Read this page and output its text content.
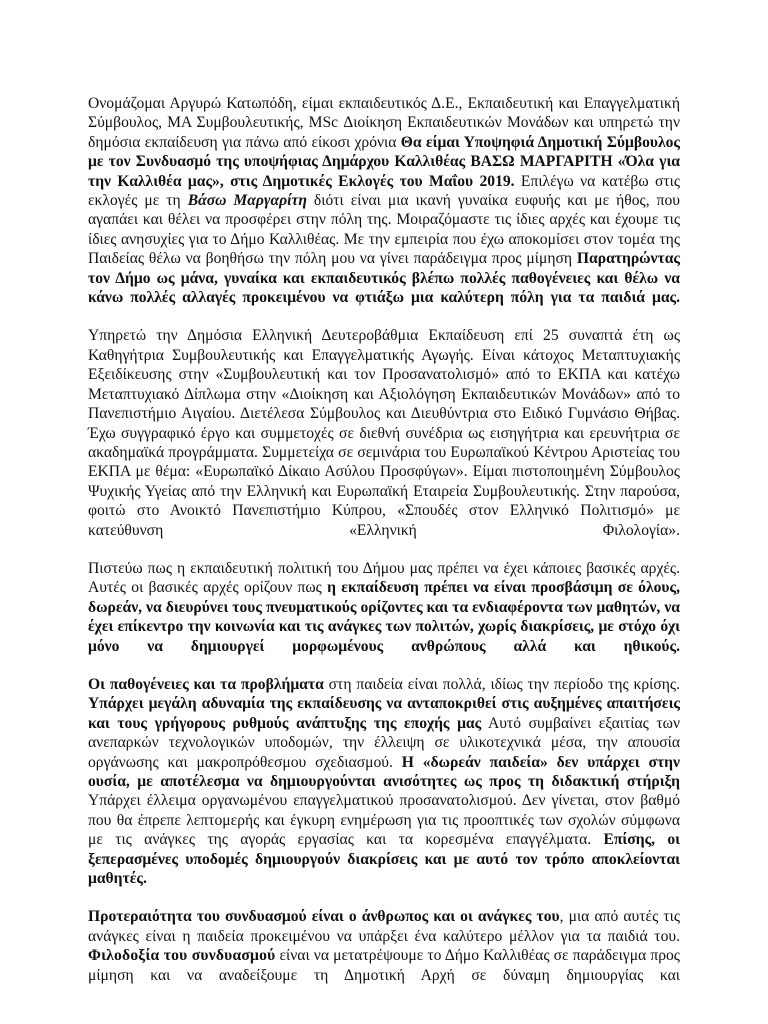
Ονομάζομαι Αργυρώ Κατωπόδη, είμαι εκπαιδευτικός Δ.Ε., Εκπαιδευτική και Επαγγελματική Σύμβουλος, ΜΑ Συμβουλευτικής, MSc Διοίκηση Εκπαιδευτικών Μονάδων και υπηρετώ την δημόσια εκπαίδευση για πάνω από είκοσι χρόνια Θα είμαι Υποψηφιά Δημοτική Σύμβουλος με τον Συνδυασμό της υποψήφιας Δημάρχου Καλλιθέας ΒΑΣΩ ΜΑΡΓΑΡΙΤΗ «Όλα για την Καλλιθέα μας», στις Δημοτικές Εκλογές του Μαΐου 2019. Επιλέγω να κατέβω στις εκλογές με τη Βάσω Μαργαρίτη διότι είναι μια ικανή γυναίκα ευφυής και με ήθος, που αγαπάει και θέλει να προσφέρει στην πόλη της. Μοιραζόμαστε τις ίδιες αρχές και έχουμε τις ίδιες ανησυχίες για το Δήμο Καλλιθέας. Με την εμπειρία που έχω αποκομίσει στον τομέα της Παιδείας θέλω να βοηθήσω την πόλη μου να γίνει παράδειγμα προς μίμηση Παρατηρώντας τον Δήμο ως μάνα, γυναίκα και εκπαιδευτικός βλέπω πολλές παθογένειες και θέλω να κάνω πολλές αλλαγές προκειμένου να φτιάξω μια καλύτερη πόλη για τα παιδιά μας.

Υπηρετώ την Δημόσια Ελληνική Δευτεροβάθμια Εκπαίδευση επί 25 συναπτά έτη ως Καθηγήτρια Συμβουλευτικής και Επαγγελματικής Αγωγής. Είναι κάτοχος Μεταπτυχιακής Εξειδίκευσης στην «Συμβουλευτική και τον Προσανατολισμό» από το ΕΚΠΑ και κατέχω Μεταπτυχιακό Δίπλωμα στην «Διοίκηση και Αξιολόγηση Εκπαιδευτικών Μονάδων» από το Πανεπιστήμιο Αιγαίου. Διετέλεσα Σύμβουλος και Διευθύντρια στο Ειδικό Γυμνάσιο Θήβας. Έχω συγγραφικό έργο και συμμετοχές σε διεθνή συνέδρια ως εισηγήτρια και ερευνήτρια σε ακαδημαϊκά προγράμματα. Συμμετείχα σε σεμινάρια του Ευρωπαϊκού Κέντρου Αριστείας του ΕΚΠΑ με θέμα: «Ευρωπαϊκό Δίκαιο Ασύλου Προσφύγων». Είμαι πιστοποιημένη Σύμβουλος Ψυχικής Υγείας από την Ελληνική και Ευρωπαϊκή Εταιρεία Συμβουλευτικής. Στην παρούσα, φοιτώ στο Ανοικτό Πανεπιστήμιο Κύπρου, «Σπουδές στον Ελληνικό Πολιτισμό» με κατεύθυνση «Ελληνική Φιλολογία».

Πιστεύω πως η εκπαιδευτική πολιτική του Δήμου μας πρέπει να έχει κάποιες βασικές αρχές. Αυτές οι βασικές αρχές ορίζουν πως η εκπαίδευση πρέπει να είναι προσβάσιμη σε όλους, δωρεάν, να διευρύνει τους πνευματικούς ορίζοντες και τα ενδιαφέροντα των μαθητών, να έχει επίκεντρο την κοινωνία και τις ανάγκες των πολιτών, χωρίς διακρίσεις, με στόχο όχι μόνο να δημιουργεί μορφωμένους ανθρώπους αλλά και ηθικούς.

Οι παθογένειες και τα προβλήματα στη παιδεία είναι πολλά, ιδίως την περίοδο της κρίσης. Υπάρχει μεγάλη αδυναμία της εκπαίδευσης να ανταποκριθεί στις αυξημένες απαιτήσεις και τους γρήγορους ρυθμούς ανάπτυξης της εποχής μας Αυτό συμβαίνει εξαιτίας των ανεπαρκών τεχνολογικών υποδομών, την έλλειψη σε υλικοτεχνικά μέσα, την απουσία οργάνωσης και μακροπρόθεσμου σχεδιασμού. Η «δωρεάν παιδεία» δεν υπάρχει στην ουσία, με αποτέλεσμα να δημιουργούνται ανισότητες ως προς τη διδακτική στήριξη Υπάρχει έλλειμα οργανωμένου επαγγελματικού προσανατολισμού. Δεν γίνεται, στον βαθμό που θα έπρεπε λεπτομερής και έγκυρη ενημέρωση για τις προοπτικές των σχολών σύμφωνα με τις ανάγκες της αγοράς εργασίας και τα κορεσμένα επαγγέλματα. Επίσης, οι ξεπερασμένες υποδομές δημιουργούν διακρίσεις και με αυτό τον τρόπο αποκλείονται μαθητές.

Προτεραιότητα του συνδυασμού είναι ο άνθρωπος και οι ανάγκες του, μια από αυτές τις ανάγκες είναι η παιδεία προκειμένου να υπάρξει ένα καλύτερο μέλλον για τα παιδιά του. Φιλοδοξία του συνδυασμού είναι να μετατρέψουμε το Δήμο Καλλιθέας σε παράδειγμα προς μίμηση και να αναδείξουμε τη Δημοτική Αρχή σε δύναμη δημιουργίας και
